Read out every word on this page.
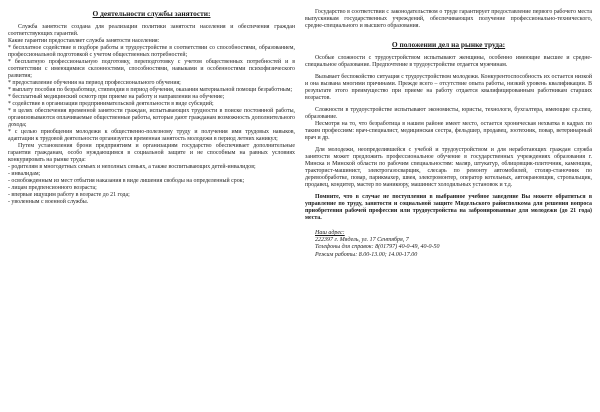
О деятельности службы занятости:

Служба занятости создана для реализации политики занятости населения и обеспечения граждан соответствующих гарантий.

Какие гарантии предоставляет служба занятости населения:

* бесплатное содействие в подборе работы и трудоустройстве в соответствии со способностями, образованием, профессиональной подготовкой с учетом общественных потребностей;

* бесплатную профессиональную подготовку, переподготовку с учетом общественных потребностей и в соответствии с имеющимися склонностями, способностями, навыками и особенностями психофизического развития;

* предоставление обучения на период профессионального обучения;

* выплату пособия по безработице, стипендии в период обучения, оказания материальной помощи безработным;

* бесплатный медицинский осмотр при приеме на работу и направлении на обучение;

* содействие в организации предпринимательской деятельности в виде субсидий;

* в целях обеспечения временной занятости граждан, испытывающих трудности в поиске постоянной работы, организовываются оплачиваемые общественные работы, которые дают гражданам возможность дополнительного дохода;

* с целью приобщения молодежи к общественно-полезному труду и получения ими трудовых навыков, адаптации к трудовой деятельности организуется временная занятость молодежи в период летних каникул;

Путем установления брони предприятиям и организациям государство обеспечивает дополнительные гарантии гражданам, особо нуждающимся в социальной защите и не способным на равных условиях конкурировать на рынке труда:

- родителям в многодетных семьях и неполных семьях, а также воспитывающих детей-инвалидов;

- инвалидам;

- освобожденным из мест отбытия наказания в виде лишения свободы на определенный срок;

- лицам предпенсионного возраста;

- впервые ищущим работу в возрасте до 21 года;

- уволенным с военной службы.

Государство в соответствии с законодательством о труде гарантирует предоставление первого рабочего места выпускникам государственных учреждений, обеспечивающих получение профессионально-технического, средне-специального и высшего образования.

О положении дел на рынке труда:

Особые сложности с трудоустройством испытывают женщины, особенно имеющие высшее и средне-специальное образование. Предпочтение в трудоустройстве отдается мужчинам.

Вызывает беспокойство ситуация с трудоустройством молодежи. Конкурентоспособность их остается низкой и она вызвана многими причинами. Прежде всего – отсутствие опыта работы, низкий уровень квалификации. В результате этого преимущество при приеме на работу отдается квалифицированным работникам старших возрастов.

Сложности в трудоустройстве испытывают экономисты, юристы, технологи, бухгалтера, имеющие ср.спец. образование.

Несмотря на то, что безработица в нашем районе имеет место, остается хроническая нехватка в кадрах по таким профессиям: врач-специалист, медицинская сестра, фельдшер, продавец, зоотехник, повар, ветеринарный врач и др.

Для молодежи, неопределившейся с учебой и трудоустройством и для неработающих граждан служба занятости может предложить профессиональное обучение в государственных учреждениях образования г. Минска и Минской области по рабочим специальностям: маляр, штукатур, облицовщик-плиточник, каменщик, тракторист-машинист, электрогазосварщик, слесарь по ремонту автомобилей, столяр-станочник по деревообработке, повар, парикмахер, швея, электромонтер, оператор котельных, автокрановщик, стропальщик, продавец, кондитер, мастер по маникюру, машинист холодильных установок и т.д.

Помните, что в случае не поступления в выбранное учебное заведение Вы можете обратиться в управление по труду, занятости и социальной защите Мядельского райисполкома для решения вопроса приобретения рабочей профессии или трудоустройства на забронированные для молодежи (до 21 года) места.

Наш адрес:
222397 г. Мядель, ул. 17 Сентября, 7
Телефоны для справок: 8(01797) 40-0-49, 40-0-50
Режим работы: 8.00-13.00; 14.00-17.00
